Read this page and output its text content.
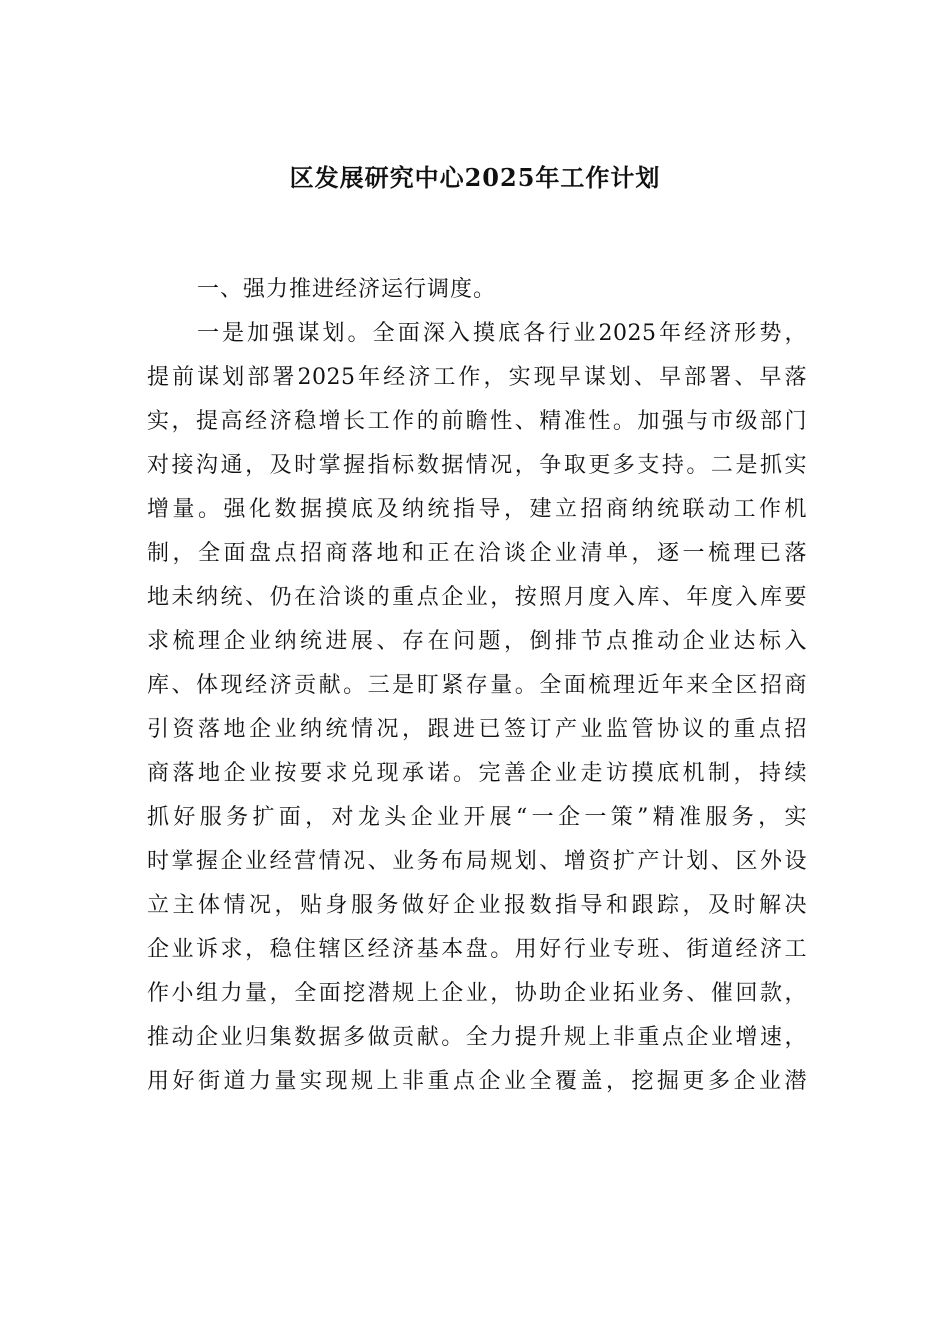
区发展研究中心2025年工作计划

一、强力推进经济运行调度。

一是加强谋划。全面深入摸底各行业2025年经济形势，

提前谋划部署2025年经济工作，实现早谋划、早部署、早落

实，提高经济稳增长工作的前瞻性、精准性。加强与市级部门

对接沟通，及时掌握指标数据情况，争取更多支持。二是抓实

增量。强化数据摸底及纳统指导，建立招商纳统联动工作机

制，全面盘点招商落地和正在洽谈企业清单，逐一梳理已落

地未纳统、仍在洽谈的重点企业，按照月度入库、年度入库要

求梳理企业纳统进展、存在问题，倒排节点推动企业达标入

库、体现经济贡献。三是盯紧存量。全面梳理近年来全区招商

引资落地企业纳统情况，跟进已签订产业监管协议的重点招

商落地企业按要求兑现承诺。完善企业走访摸底机制，持续

抓好服务扩面，对龙头企业开展“一企一策”精准服务，实

时掌握企业经营情况、业务布局规划、增资扩产计划、区外设

立主体情况，贴身服务做好企业报数指导和跟踪，及时解决

企业诉求，稳住辖区经济基本盘。用好行业专班、街道经济工

作小组力量，全面挖潜规上企业，协助企业拓业务、催回款，

推动企业归集数据多做贡献。全力提升规上非重点企业增速，

用好街道力量实现规上非重点企业全覆盖，挖掘更多企业潜
